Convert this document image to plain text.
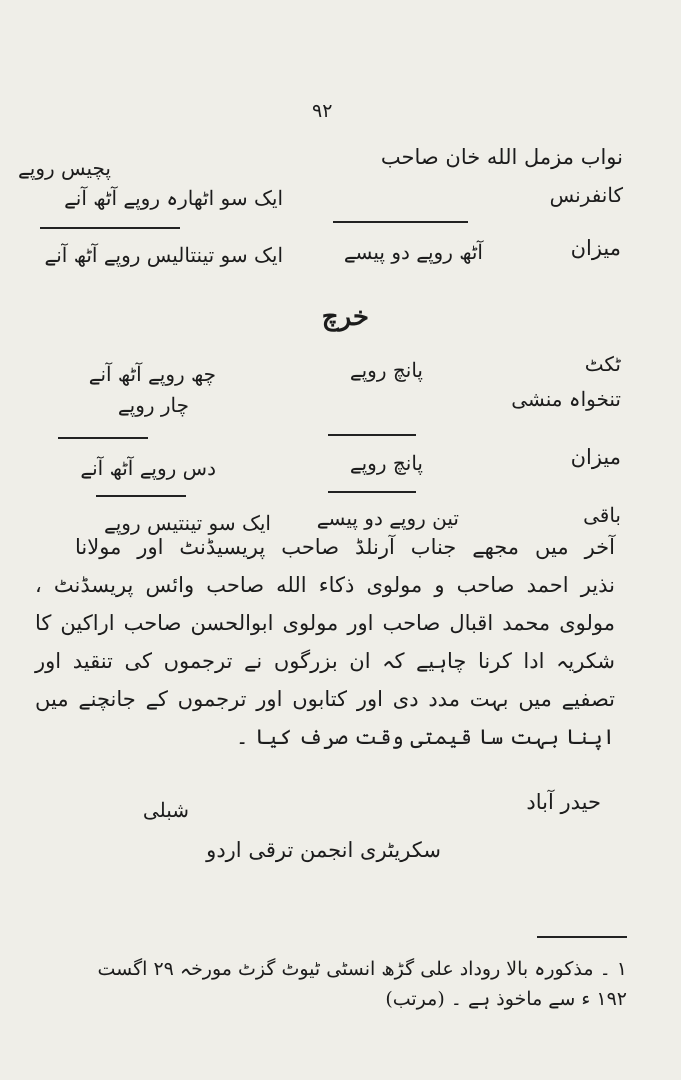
۹۲
نواب مزمل الله خان صاحب
پچیس روپے
کانفرنس
ایک سو اٹھارہ روپے آٹھ آنے
میزان
آٹھ روپے دو پیسے
ایک سو تینتالیس روپے آٹھ آنے
خرچ
ٹکٹ
پانچ روپے
چھ روپے آٹھ آنے
تنخواہ منشی
چار روپے
میزان
پانچ روپے
دس روپے آٹھ آنے
باقی
تین روپے دو پیسے
ایک سو تینتیس روپے
آخر میں مجھے جناب آرنلڈ صاحب پریسیڈنٹ اور مولانا
نذیر احمد صاحب و مولوی ذکاء الله صاحب وائس پریسڈنٹ ،
مولوی محمد اقبال صاحب اور مولوی ابوالحسن صاحب اراکین کا
شکریہ ادا کرنا چاہیے کہ ان بزرگوں نے ترجموں کی تنقید اور
تصفیے میں بہت مدد دی اور کتابوں اور ترجموں کے جانچنے میں
اپنا بہت سا قیمتی وقت صرف کیا ۔
حیدر آباد
شبلی
سکریٹری انجمن ترقی اردو
۱ ۔ مذکورہ بالا روداد علی گڑھ انسٹی ٹیوٹ گزٹ مورخہ ۲۹ اگست
۱۹۲ ء سے ماخوذ ہے ۔ (مرتب)
